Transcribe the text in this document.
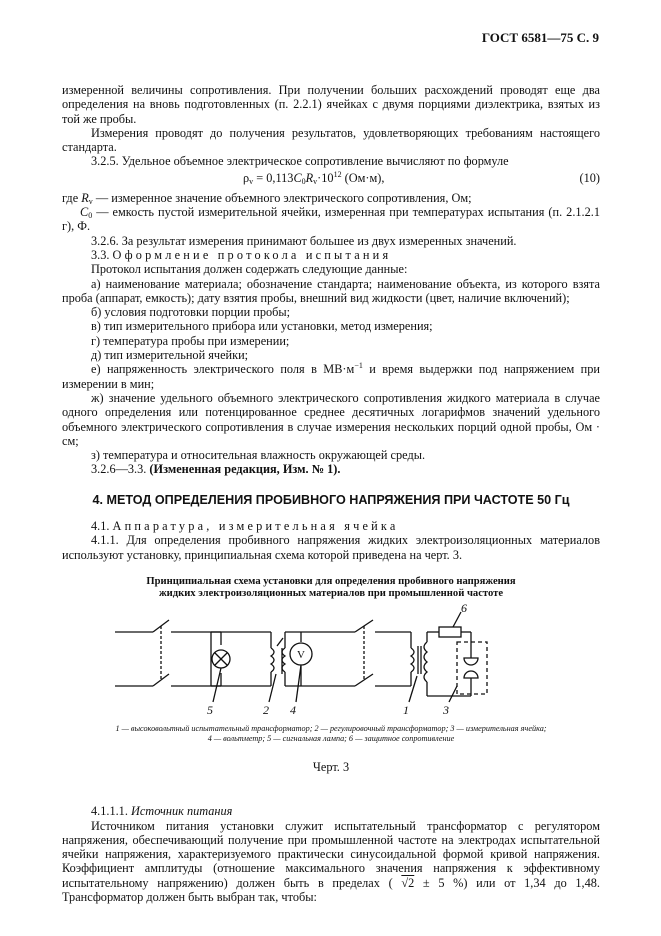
ГОСТ 6581—75 С. 9

измеренной величины сопротивления. При получении больших расхождений проводят еще два определения на вновь подготовленных (п. 2.2.1) ячейках с двумя порциями диэлектрика, взятых из той же пробы.

Измерения проводят до получения результатов, удовлетворяющих требованиям настоящего стандарта.

3.2.5. Удельное объемное электрическое сопротивление вычисляют по формуле

$\rho_v = 0,113C_0R_v\cdot 10^{12}$ (Ом·м),	(10)

где $R_v$ — измеренное значение объемного электрического сопротивления, Ом;

$C_0$ — емкость пустой измерительной ячейки, измеренная при температурах испытания (п. 2.1.2.1 г), Ф.

3.2.6. За результат измерения принимают большее из двух измеренных значений.

3.3. Оформление протокола испытания

Протокол испытания должен содержать следующие данные:

а) наименование материала; обозначение стандарта; наименование объекта, из которого взята проба (аппарат, емкость); дату взятия пробы, внешний вид жидкости (цвет, наличие включений);

б) условия подготовки порции пробы;

в) тип измерительного прибора или установки, метод измерения;

г) температура пробы при измерении;

д) тип измерительной ячейки;

е) напряженность электрического поля в $МВ\cdot м^{-1}$ и время выдержки под напряжением при измерении в мин;

ж) значение удельного объемного электрического сопротивления жидкого материала в случае одного определения или потенцированное среднее десятичных логарифмов значений удельного объемного электрического сопротивления в случае измерения нескольких порций одной пробы, Ом · см;

з) температура и относительная влажность окружающей среды.

3.2.6—3.3. (Измененная редакция, Изм. № 1).

4. МЕТОД ОПРЕДЕЛЕНИЯ ПРОБИВНОГО НАПРЯЖЕНИЯ ПРИ ЧАСТОТЕ 50 Гц

4.1. Аппаратура, измерительная ячейка

4.1.1. Для определения пробивного напряжения жидких электроизоляционных материалов используют установку, принципиальная схема которой приведена на черт. 3.

Принципиальная схема установки для определения пробивного напряжения
жидких электроизоляционных материалов при промышленной частоте
V
5	2 4	1	3
6
1 — высоковольтный испытательный трансформатор; 2 — регулировочный трансформатор; 3 — измерительная ячейка;
4 — вольтметр; 5 — сигнальная лампа; 6 — защитное сопротивление
Черт. 3

4.1.1.1. Источник питания

Источником питания установки служит испытательный трансформатор с регулятором напряжения, обеспечивающий получение при промышленной частоте на электродах испытательной ячейки напряжения, характеризуемого практически синусоидальной формой кривой напряжения. Коэффициент амплитуды (отношение максимального значения напряжения к эффективному испытательному напряжению) должен быть в пределах ( √2 ± 5 %) или от 1,34 до 1,48. Трансформатор должен быть выбран так, чтобы:
